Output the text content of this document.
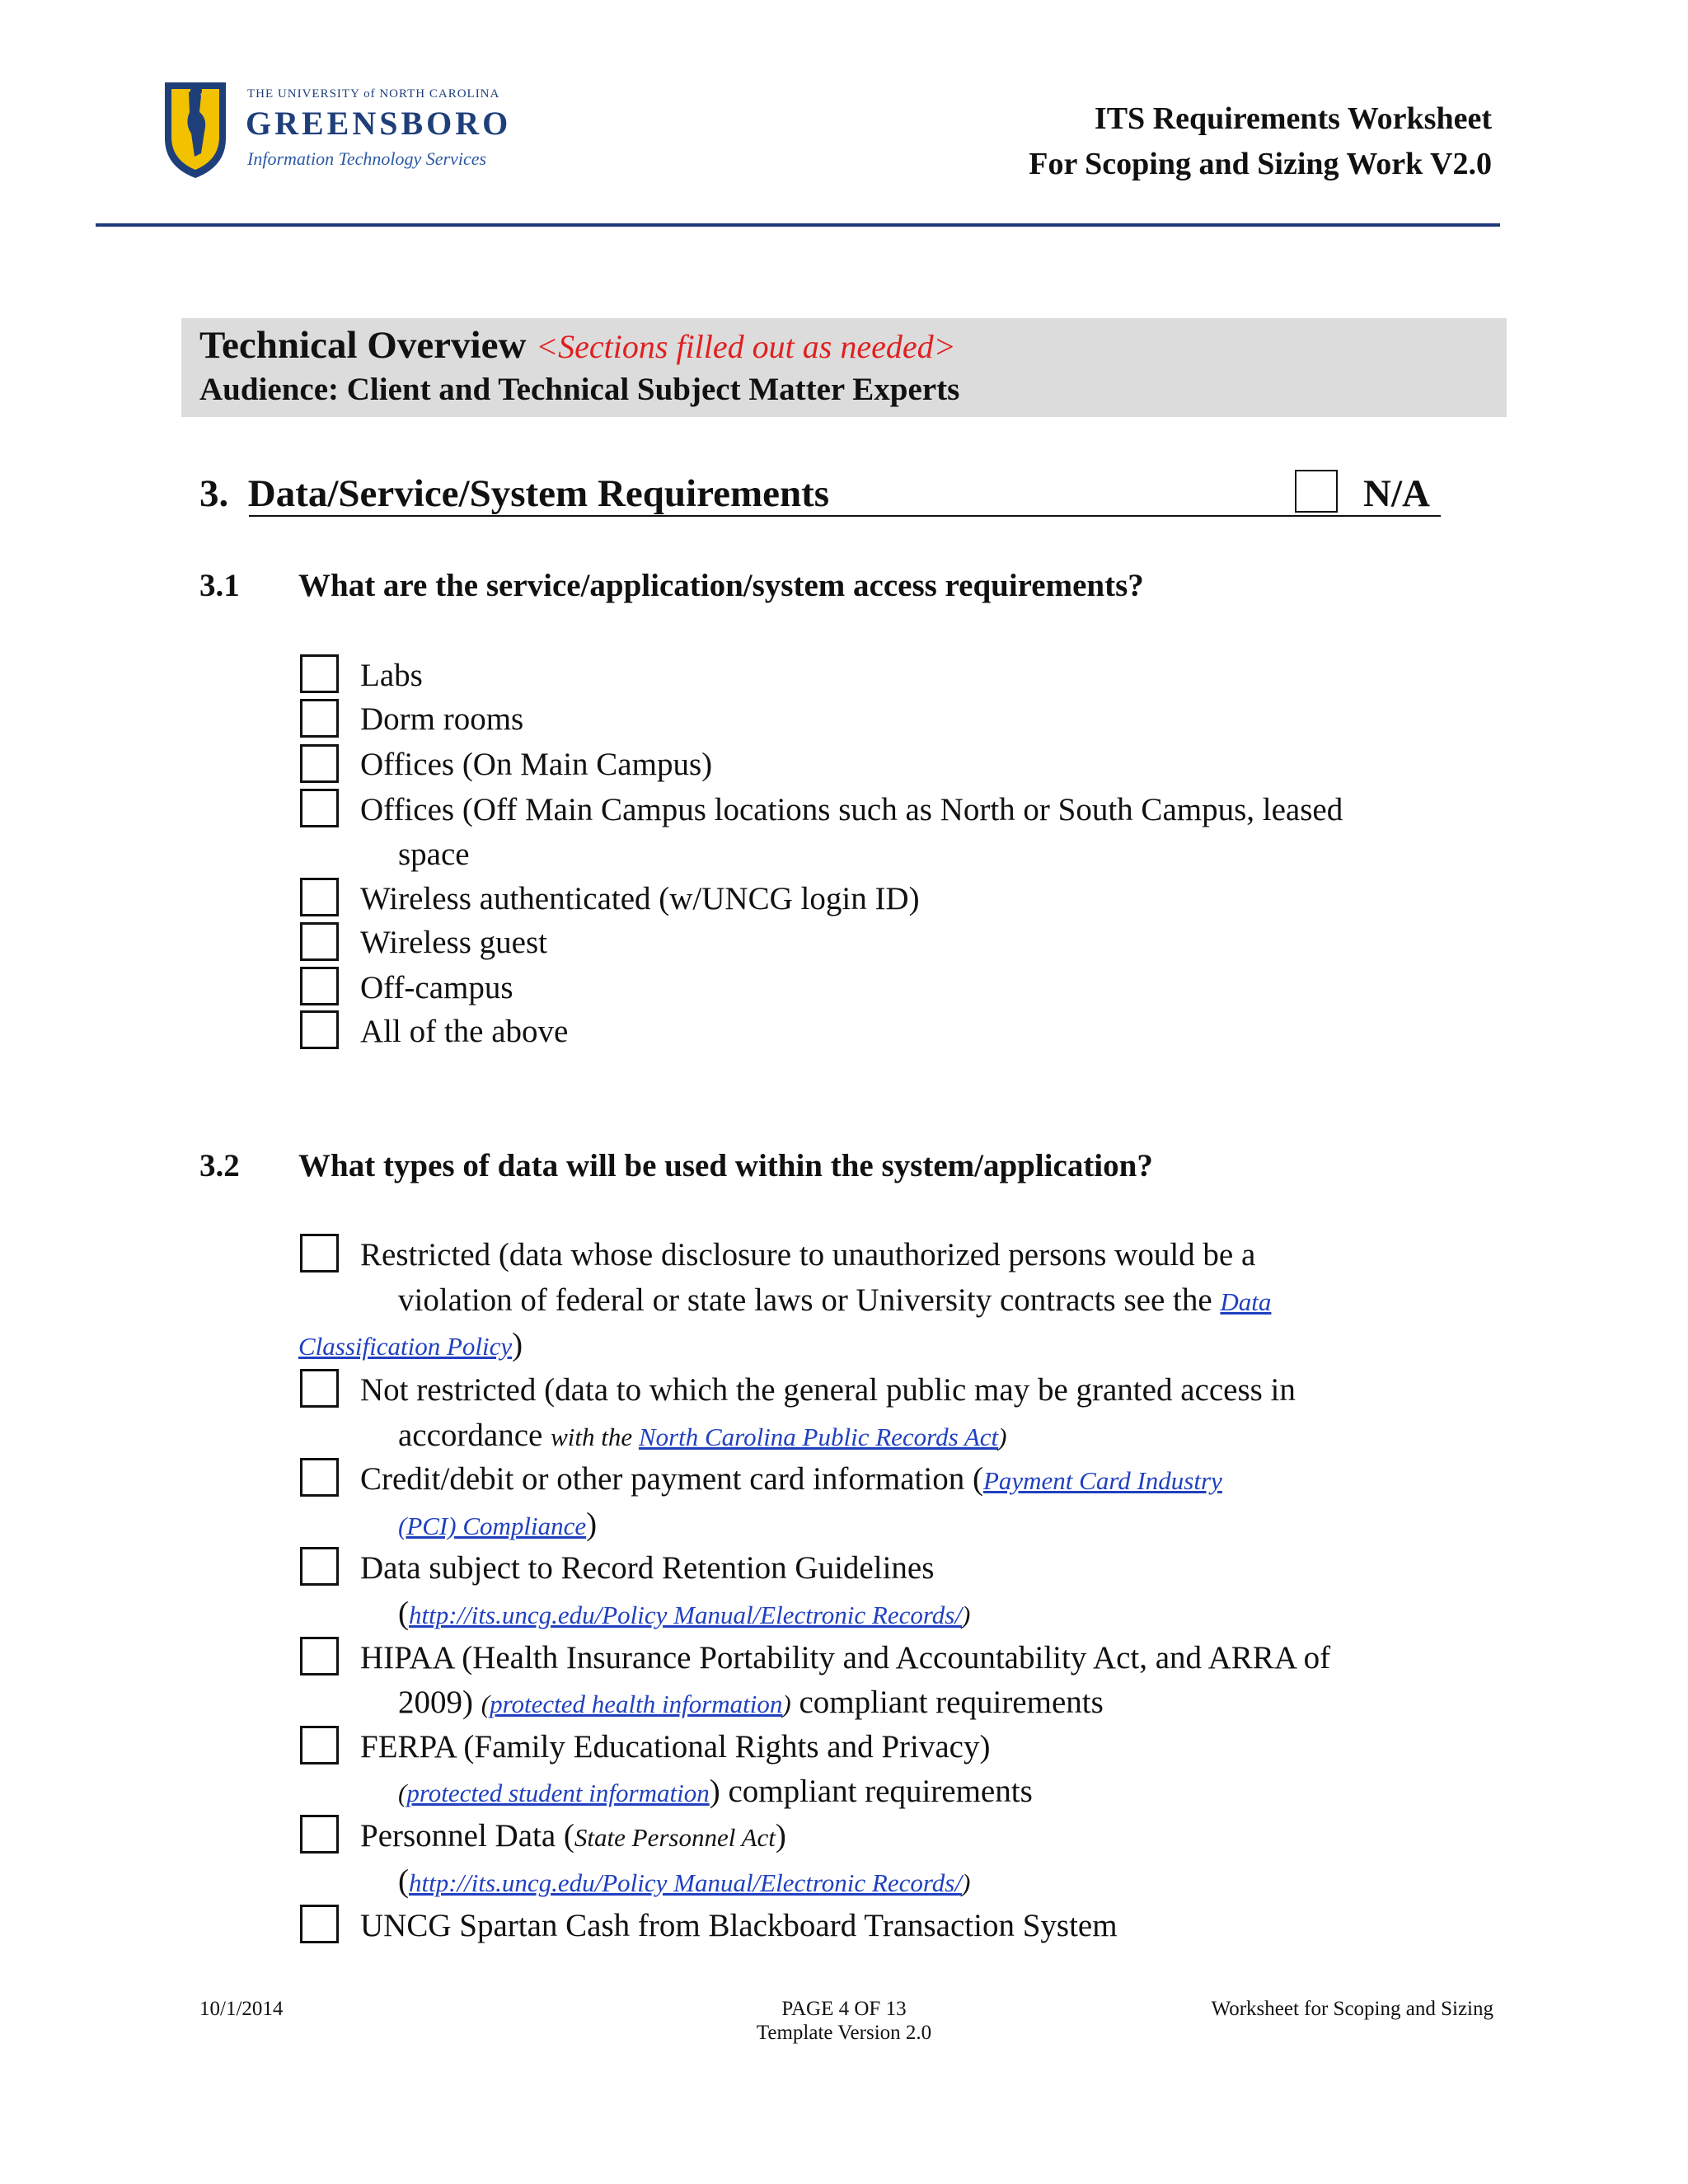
THE UNIVERSITY of NORTH CAROLINA
GREENSBORO
Information Technology Services
ITS Requirements Worksheet
For Scoping and Sizing Work V2.0
Technical Overview <Sections filled out as needed>
Audience: Client and Technical Subject Matter Experts
3. Data/Service/System Requirements	N/A
3.1 What are the service/application/system access requirements?
Labs
Dorm rooms
Offices (On Main Campus)
Offices (Off Main Campus locations such as North or South Campus, leased
space
Wireless authenticated (w/UNCG login ID)
Wireless guest
Off-campus
All of the above
3.2 What types of data will be used within the system/application?
Restricted (data whose disclosure to unauthorized persons would be a
violation of federal or state laws or University contracts see the Data
Classification Policy)
Not restricted (data to which the general public may be granted access in
accordance with the North Carolina Public Records Act)
Credit/debit or other payment card information (Payment Card Industry
(PCI) Compliance)
Data subject to Record Retention Guidelines
(http://its.uncg.edu/Policy Manual/Electronic Records/)
HIPAA (Health Insurance Portability and Accountability Act, and ARRA of
2009) (protected health information) compliant requirements
FERPA (Family Educational Rights and Privacy)
(protected student information) compliant requirements
Personnel Data (State Personnel Act)
(http://its.uncg.edu/Policy Manual/Electronic Records/)
UNCG Spartan Cash from Blackboard Transaction System
10/1/2014	PAGE 4 OF 13
Template Version 2.0
Worksheet for Scoping and Sizing
